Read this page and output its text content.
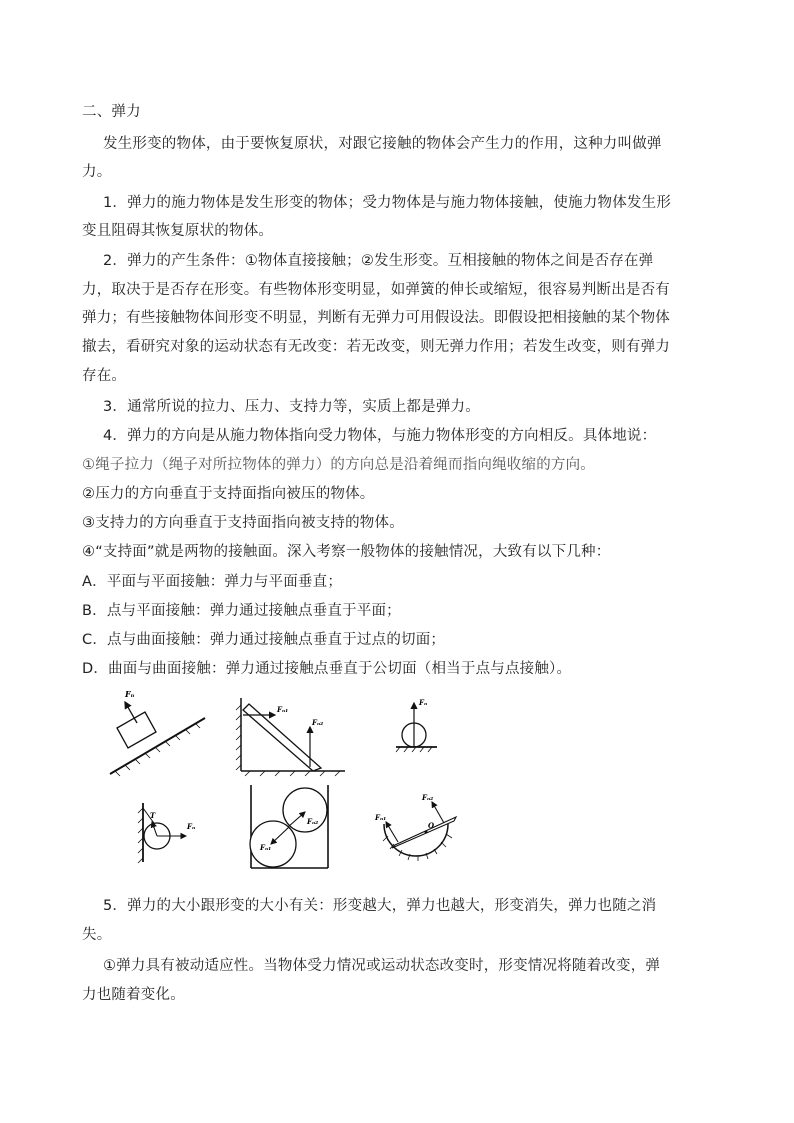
二、弹力
发生形变的物体，由于要恢复原状，对跟它接触的物体会产生力的作用，这种力叫做弹
力。
1．弹力的施力物体是发生形变的物体；受力物体是与施力物体接触，使施力物体发生形
变且阻碍其恢复原状的物体。
2．弹力的产生条件：①物体直接接触；②发生形变。互相接触的物体之间是否存在弹
力，取决于是否存在形变。有些物体形变明显，如弹簧的伸长或缩短，很容易判断出是否有
弹力；有些接触物体间形变不明显，判断有无弹力可用假设法。即假设把相接触的某个物体
撤去，看研究对象的运动状态有无改变：若无改变，则无弹力作用；若发生改变，则有弹力
存在。
3．通常所说的拉力、压力、支持力等，实质上都是弹力。
4．弹力的方向是从施力物体指向受力物体，与施力物体形变的方向相反。具体地说：
①绳子拉力（绳子对所拉物体的弹力）的方向总是沿着绳而指向绳收缩的方向。
②压力的方向垂直于支持面指向被压的物体。
③支持力的方向垂直于支持面指向被支持的物体。
④“支持面”就是两物的接触面。深入考察一般物体的接触情况，大致有以下几种：
A．平面与平面接触：弹力与平面垂直；
B．点与平面接触：弹力通过接触点垂直于平面；
C．点与曲面接触：弹力通过接触点垂直于过点的切面；
D．曲面与曲面接触：弹力通过接触点垂直于公切面（相当于点与点接触）。
Fₙ
Fₙ₁
Fₙ₂
Fₙ
T
Fₙ
Fₙ₂
Fₙ₁
Fₙ₁
Fₙ₂
O
5．弹力的大小跟形变的大小有关：形变越大，弹力也越大，形变消失，弹力也随之消
失。
①弹力具有被动适应性。当物体受力情况或运动状态改变时，形变情况将随着改变，弹
力也随着变化。
